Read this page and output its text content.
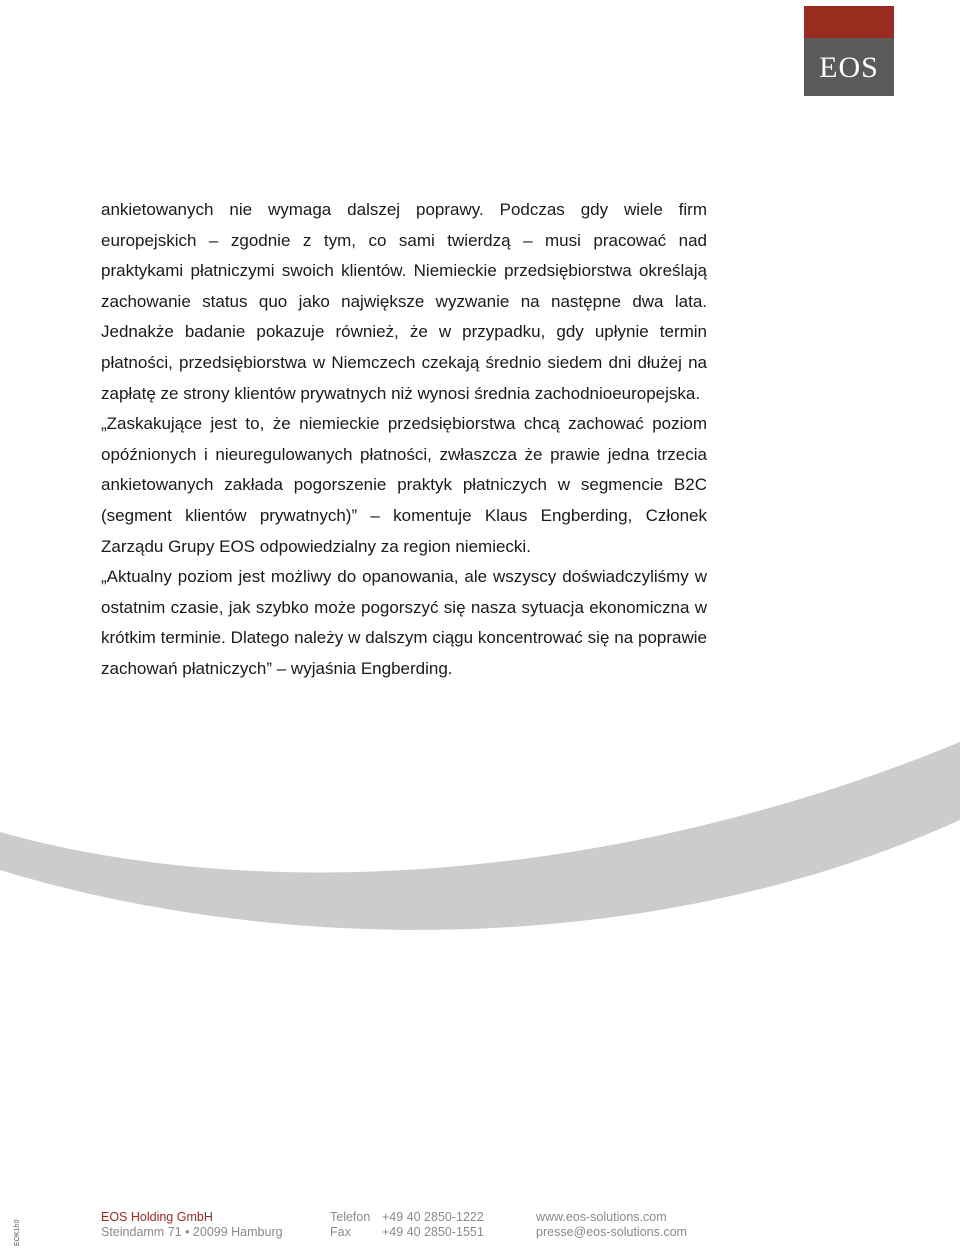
EOS

ankietowanych nie wymaga dalszej poprawy. Podczas gdy wiele firm europejskich – zgodnie z tym, co sami twierdzą – musi pracować nad praktykami płatniczymi swoich klientów. Niemieckie przedsiębiorstwa określają zachowanie status quo jako największe wyzwanie na następne dwa lata. Jednakże badanie pokazuje również, że w przypadku, gdy upłynie termin płatności, przedsiębiorstwa w Niemczech czekają średnio siedem dni dłużej na zapłatę ze strony klientów prywatnych niż wynosi średnia zachodnioeuropejska.

„Zaskakujące jest to, że niemieckie przedsiębiorstwa chcą zachować poziom opóźnionych i nieuregulowanych płatności, zwłaszcza że prawie jedna trzecia ankietowanych zakłada pogorszenie praktyk płatniczych w segmencie B2C (segment klientów prywatnych)” – komentuje Klaus Engberding, Członek Zarządu Grupy EOS odpowiedzialny za region niemiecki.

„Aktualny poziom jest możliwy do opanowania, ale wszyscy doświadczyliśmy w ostatnim czasie, jak szybko może pogorszyć się nasza sytuacja ekonomiczna w krótkim terminie. Dlatego należy w dalszym ciągu koncentrować się na poprawie zachowań płatniczych” – wyjaśnia Engberding.

EOK1h0
EOS Holding GmbH
Steindamm 71 • 20099 Hamburg
Telefon +49 40 2850-1222
Fax +49 40 2850-1551
www.eos-solutions.com
presse@eos-solutions.com
